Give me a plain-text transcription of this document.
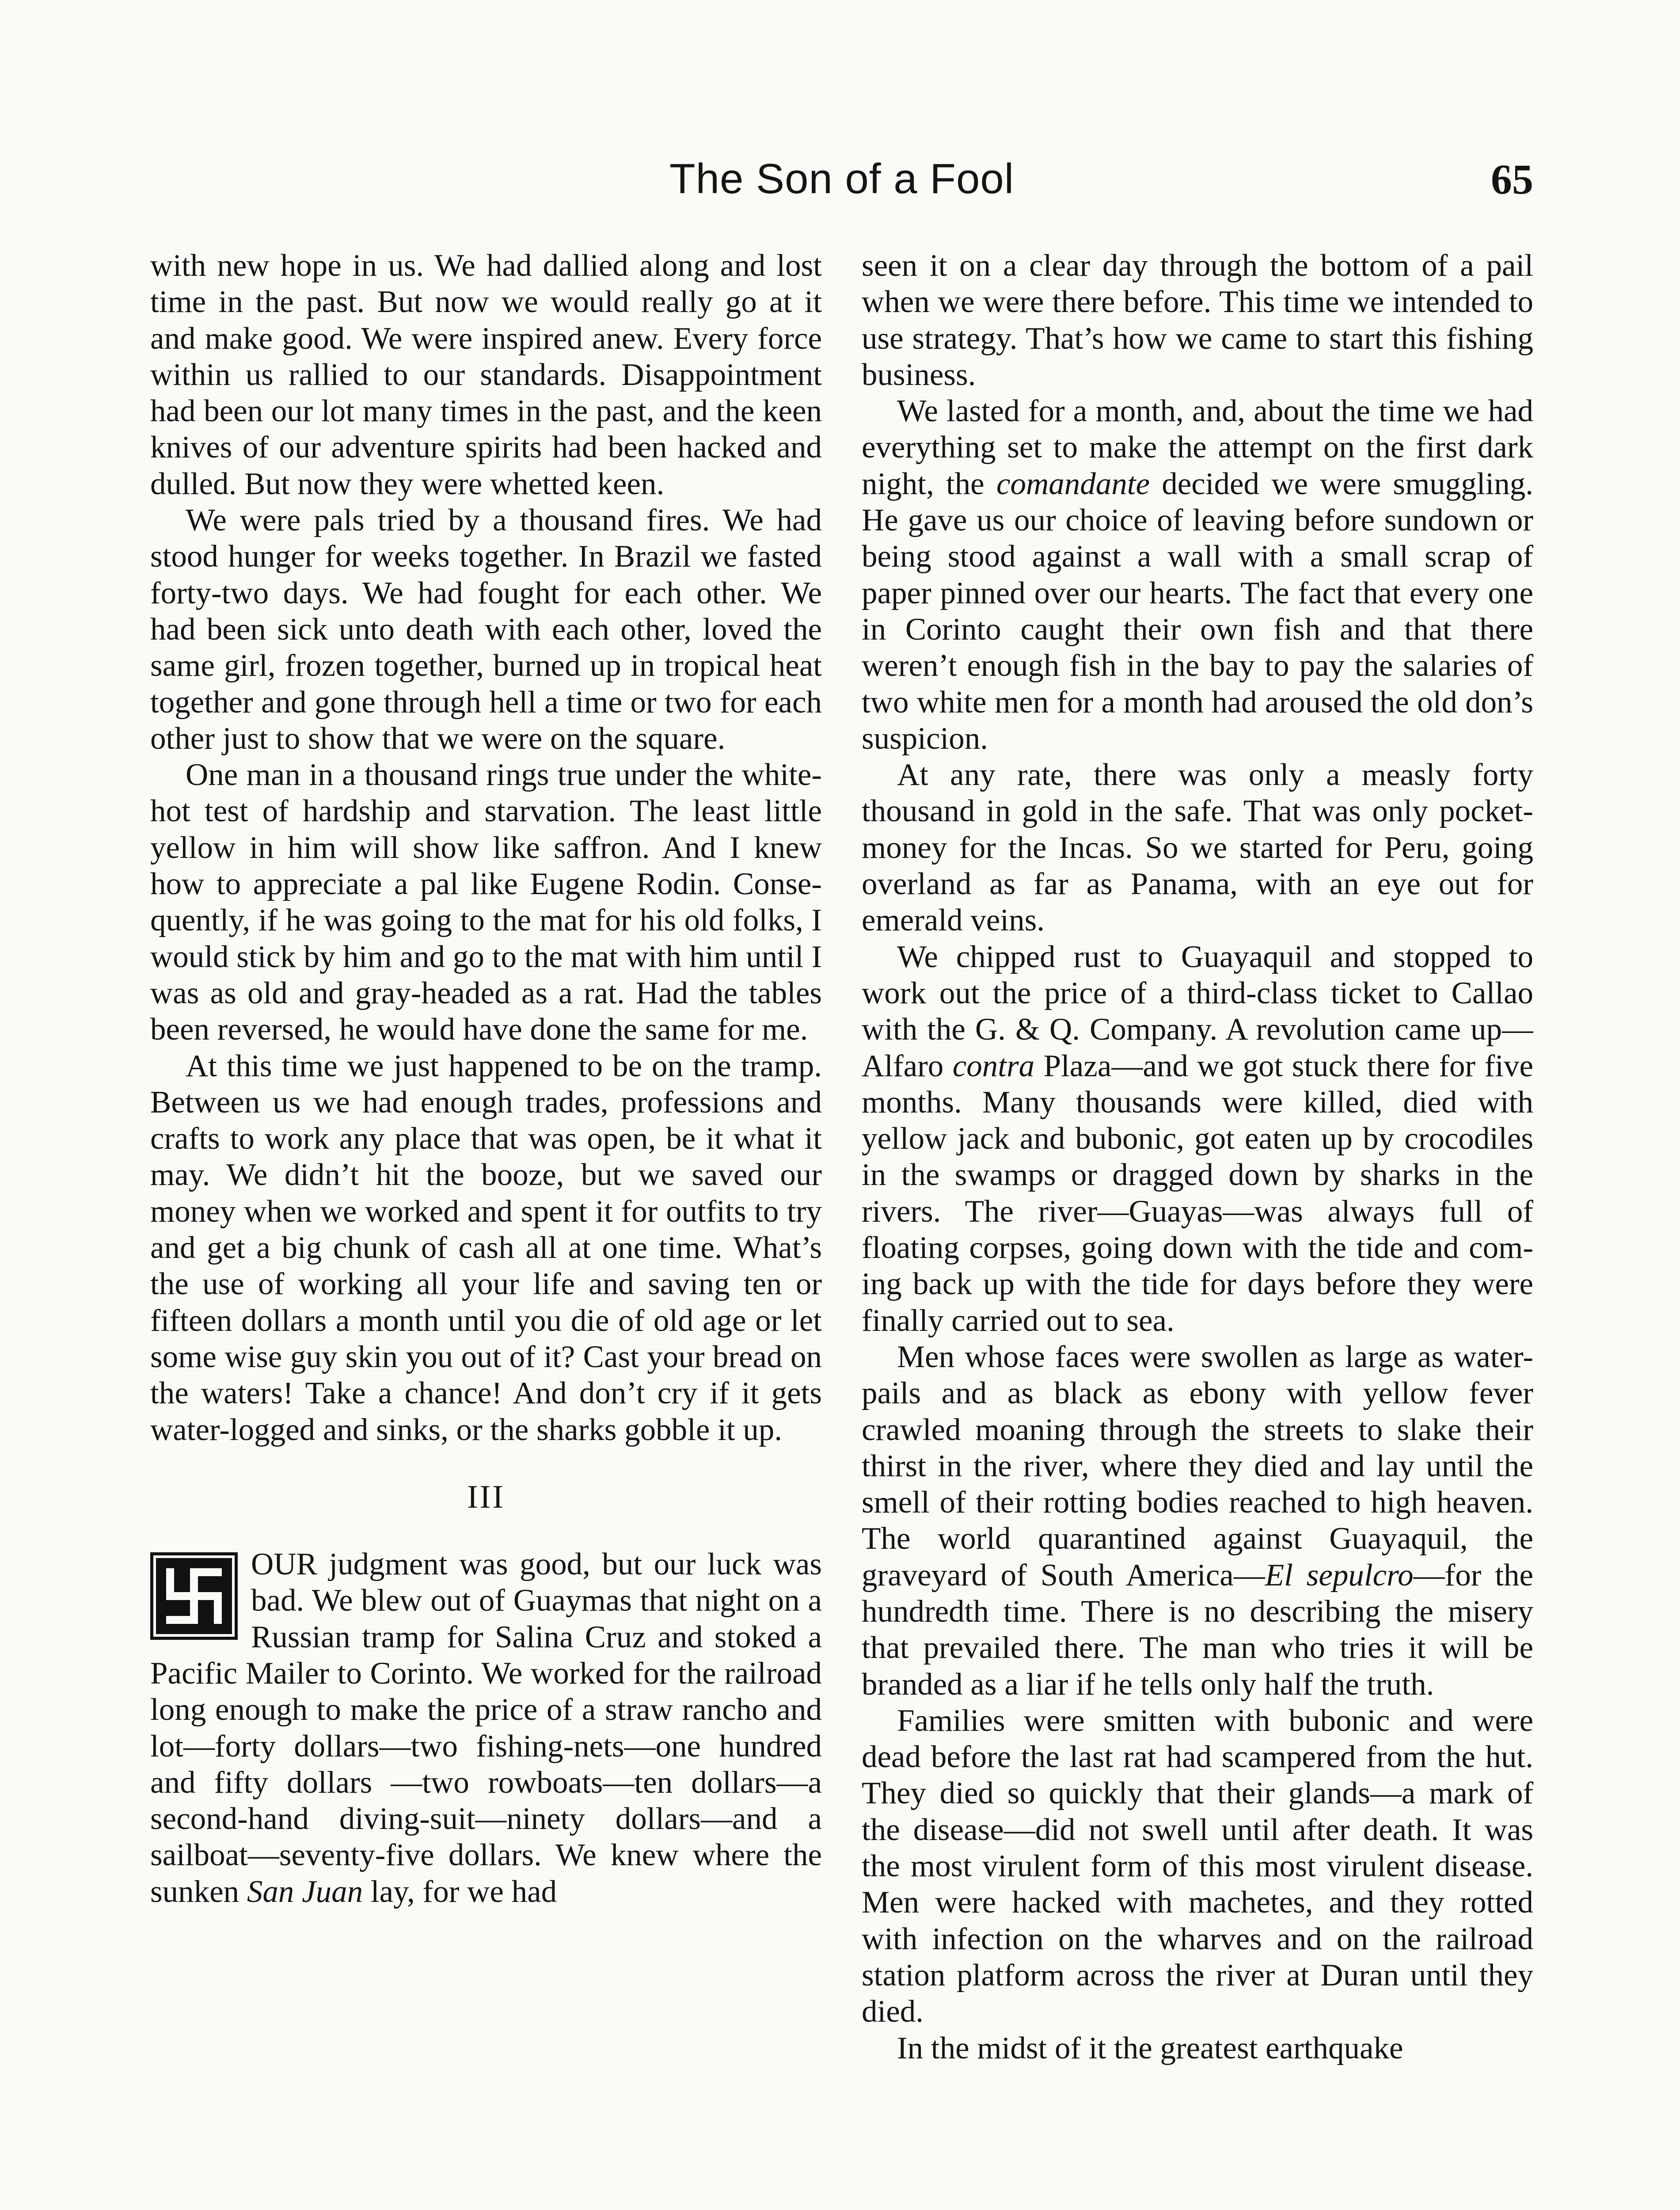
The Son of a Fool	65

with new hope in us. We had dallied along and lost time in the past. But now we would really go at it and make good. We were inspired anew. Every force within us rallied to our standards. Disappointment had been our lot many times in the past, and the keen knives of our adventure spirits had been hacked and dulled. But now they were whetted keen.

We were pals tried by a thousand fires. We had stood hunger for weeks together. In Brazil we fasted forty-two days. We had fought for each other. We had been sick unto death with each other, loved the same girl, frozen together, burned up in tropical heat together and gone through hell a time or two for each other just to show that we were on the square.

One man in a thousand rings true under the white-hot test of hardship and starvation. The least little yellow in him will show like saffron. And I knew how to appreciate a pal like Eugene Rodin. Consequently, if he was going to the mat for his old folks, I would stick by him and go to the mat with him until I was as old and gray-headed as a rat. Had the tables been reversed, he would have done the same for me.

At this time we just happened to be on the tramp. Between us we had enough trades, professions and crafts to work any place that was open, be it what it may. We didn’t hit the booze, but we saved our money when we worked and spent it for outfits to try and get a big chunk of cash all at one time. What’s the use of working all your life and saving ten or fifteen dollars a month until you die of old age or let some wise guy skin you out of it? Cast your bread on the waters! Take a chance! And don’t cry if it gets water-logged and sinks, or the sharks gobble it up.

III

OUR judgment was good, but our luck was bad. We blew out of Guaymas that night on a Russian tramp for Salina Cruz and stoked a Pacific Mailer to Corinto. We worked for the railroad long enough to make the price of a straw rancho and lot—forty dollars—two fishing-nets—one hundred and fifty dollars —two rowboats—ten dollars—a second-hand diving-suit—ninety dollars—and a sailboat—seventy-five dollars. We knew where the sunken San Juan lay, for we had

seen it on a clear day through the bottom of a pail when we were there before. This time we intended to use strategy. That’s how we came to start this fishing business.

We lasted for a month, and, about the time we had everything set to make the attempt on the first dark night, the comandante decided we were smuggling. He gave us our choice of leaving before sundown or being stood against a wall with a small scrap of paper pinned over our hearts. The fact that every one in Corinto caught their own fish and that there weren’t enough fish in the bay to pay the salaries of two white men for a month had aroused the old don’s suspicion.

At any rate, there was only a measly forty thousand in gold in the safe. That was only pocket-money for the Incas. So we started for Peru, going overland as far as Panama, with an eye out for emerald veins.

We chipped rust to Guayaquil and stopped to work out the price of a third-class ticket to Callao with the G. & Q. Company. A revolution came up—Alfaro contra Plaza—and we got stuck there for five months. Many thousands were killed, died with yellow jack and bubonic, got eaten up by crocodiles in the swamps or dragged down by sharks in the rivers. The river—Guayas—was always full of floating corpses, going down with the tide and coming back up with the tide for days before they were finally carried out to sea.

Men whose faces were swollen as large as water-pails and as black as ebony with yellow fever crawled moaning through the streets to slake their thirst in the river, where they died and lay until the smell of their rotting bodies reached to high heaven. The world quarantined against Guayaquil, the graveyard of South America—El sepulcro—for the hundredth time. There is no describing the misery that prevailed there. The man who tries it will be branded as a liar if he tells only half the truth.

Families were smitten with bubonic and were dead before the last rat had scampered from the hut. They died so quickly that their glands—a mark of the disease—did not swell until after death. It was the most virulent form of this most virulent disease. Men were hacked with machetes, and they rotted with infection on the wharves and on the railroad station platform across the river at Duran until they died.

In the midst of it the greatest earthquake
